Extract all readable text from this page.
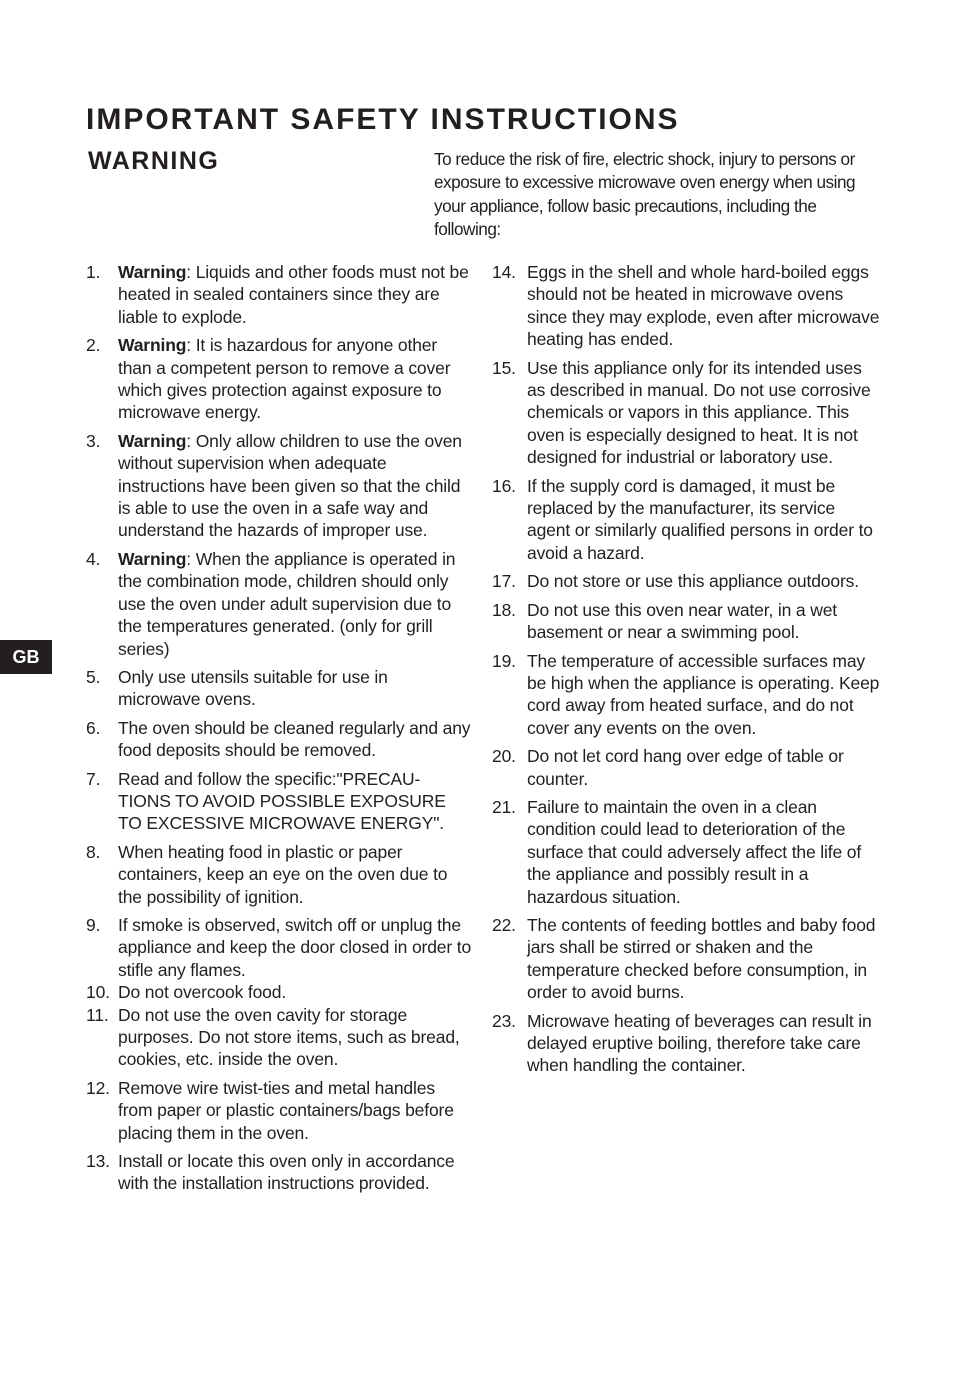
IMPORTANT SAFETY INSTRUCTIONS
WARNING	To reduce the risk of fire, electric shock, injury to persons or exposure to excessive microwave oven energy when using your appliance, follow basic precautions, including the following:

GB
1. Warning: Liquids and other foods must not be heated in sealed containers since they are liable to explode.
2. Warning: It is hazardous for anyone other than a competent person to remove a cover which gives protection against exposure to microwave energy.
3. Warning: Only allow children to use the oven without supervision when adequate instructions have been given so that the child is able to use the oven in a safe way and understand the hazards of improper use.
4. Warning: When the appliance is operated in the combination mode, children should only use the oven under adult supervision due to the temperatures generated. (only for grill series)
5. Only use utensils suitable for use in microwave ovens.
6. The oven should be cleaned regularly and any food deposits should be removed.
7. Read and follow the specific:"PRECAU-TIONS TO AVOID POSSIBLE EXPOSURE TO EXCESSIVE MICROWAVE ENERGY".
8. When heating food in plastic or paper containers, keep an eye on the oven due to the possibility of ignition.
9. If smoke is observed, switch off or unplug the appliance and keep the door closed in order to stifle any flames.
10. Do not overcook food.
11. Do not use the oven cavity for storage purposes. Do not store items, such as bread, cookies, etc. inside the oven.
12. Remove wire twist-ties and metal handles from paper or plastic containers/bags before placing them in the oven.
13. Install or locate this oven only in accordance with the installation instructions provided.
14. Eggs in the shell and whole hard-boiled eggs should not be heated in microwave ovens since they may explode, even after microwave heating has ended.
15. Use this appliance only for its intended uses as described in manual. Do not use corrosive chemicals or vapors in this appliance. This oven is especially designed to heat. It is not designed for industrial or laboratory use.
16. If the supply cord is damaged, it must be replaced by the manufacturer, its service agent or similarly qualified persons in order to avoid a hazard.
17. Do not store or use this appliance outdoors.
18. Do not use this oven near water, in a wet basement or near a swimming pool.
19. The temperature of accessible surfaces may be high when the appliance is operating. Keep cord away from heated surface, and do not cover any events on the oven.
20. Do not let cord hang over edge of table or counter.
21. Failure to maintain the oven in a clean condition could lead to deterioration of the surface that could adversely affect the life of the appliance and possibly result in a hazardous situation.
22. The contents of feeding bottles and baby food jars shall be stirred or shaken and the temperature checked before consumption, in order to avoid burns.
23. Microwave heating of beverages can result in delayed eruptive boiling, therefore take care when handling the container.
